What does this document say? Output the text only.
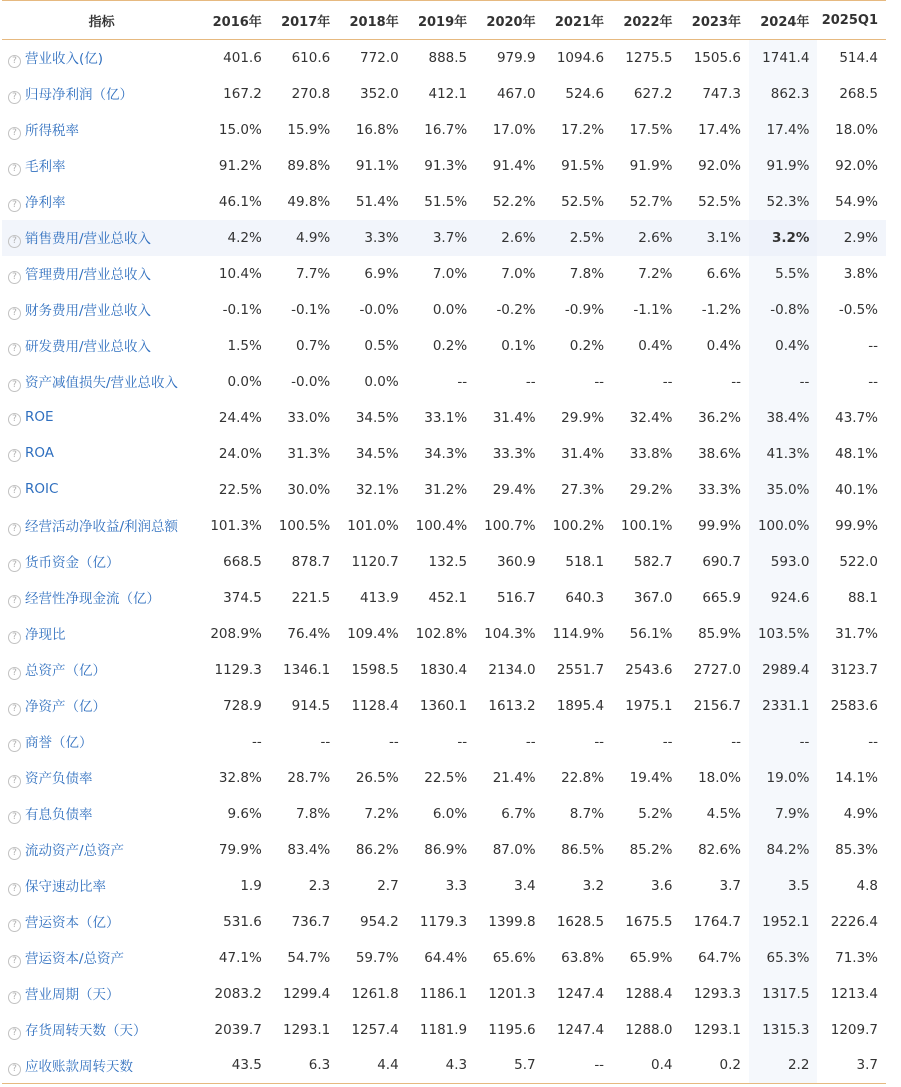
指标	2016年	2017年	2018年	2019年	2020年	2021年	2022年	2023年	2024年	2025Q1
? 营业收入(亿)	401.6	610.6	772.0	888.5	979.9	1094.6	1275.5	1505.6	1741.4	514.4
? 归母净利润（亿）	167.2	270.8	352.0	412.1	467.0	524.6	627.2	747.3	862.3	268.5
? 所得税率	15.0%	15.9%	16.8%	16.7%	17.0%	17.2%	17.5%	17.4%	17.4%	18.0%
? 毛利率	91.2%	89.8%	91.1%	91.3%	91.4%	91.5%	91.9%	92.0%	91.9%	92.0%
? 净利率	46.1%	49.8%	51.4%	51.5%	52.2%	52.5%	52.7%	52.5%	52.3%	54.9%
? 销售费用/营业总收入	4.2%	4.9%	3.3%	3.7%	2.6%	2.5%	2.6%	3.1%	3.2%	2.9%
? 管理费用/营业总收入	10.4%	7.7%	6.9%	7.0%	7.0%	7.8%	7.2%	6.6%	5.5%	3.8%
? 财务费用/营业总收入	-0.1%	-0.1%	-0.0%	0.0%	-0.2%	-0.9%	-1.1%	-1.2%	-0.8%	-0.5%
? 研发费用/营业总收入	1.5%	0.7%	0.5%	0.2%	0.1%	0.2%	0.4%	0.4%	0.4%	--
? 资产减值损失/营业总收入	0.0%	-0.0%	0.0%	--	--	--	--	--	--	--
? ROE	24.4%	33.0%	34.5%	33.1%	31.4%	29.9%	32.4%	36.2%	38.4%	43.7%
? ROA	24.0%	31.3%	34.5%	34.3%	33.3%	31.4%	33.8%	38.6%	41.3%	48.1%
? ROIC	22.5%	30.0%	32.1%	31.2%	29.4%	27.3%	29.2%	33.3%	35.0%	40.1%
? 经营活动净收益/利润总额	101.3%	100.5%	101.0%	100.4%	100.7%	100.2%	100.1%	99.9%	100.0%	99.9%
? 货币资金（亿）	668.5	878.7	1120.7	132.5	360.9	518.1	582.7	690.7	593.0	522.0
? 经营性净现金流（亿）	374.5	221.5	413.9	452.1	516.7	640.3	367.0	665.9	924.6	88.1
? 净现比	208.9%	76.4%	109.4%	102.8%	104.3%	114.9%	56.1%	85.9%	103.5%	31.7%
? 总资产（亿）	1129.3	1346.1	1598.5	1830.4	2134.0	2551.7	2543.6	2727.0	2989.4	3123.7
? 净资产（亿）	728.9	914.5	1128.4	1360.1	1613.2	1895.4	1975.1	2156.7	2331.1	2583.6
? 商誉（亿）	--	--	--	--	--	--	--	--	--	--
? 资产负债率	32.8%	28.7%	26.5%	22.5%	21.4%	22.8%	19.4%	18.0%	19.0%	14.1%
? 有息负债率	9.6%	7.8%	7.2%	6.0%	6.7%	8.7%	5.2%	4.5%	7.9%	4.9%
? 流动资产/总资产	79.9%	83.4%	86.2%	86.9%	87.0%	86.5%	85.2%	82.6%	84.2%	85.3%
? 保守速动比率	1.9	2.3	2.7	3.3	3.4	3.2	3.6	3.7	3.5	4.8
? 营运资本（亿）	531.6	736.7	954.2	1179.3	1399.8	1628.5	1675.5	1764.7	1952.1	2226.4
? 营运资本/总资产	47.1%	54.7%	59.7%	64.4%	65.6%	63.8%	65.9%	64.7%	65.3%	71.3%
? 营业周期（天）	2083.2	1299.4	1261.8	1186.1	1201.3	1247.4	1288.4	1293.3	1317.5	1213.4
? 存货周转天数（天）	2039.7	1293.1	1257.4	1181.9	1195.6	1247.4	1288.0	1293.1	1315.3	1209.7
? 应收账款周转天数	43.5	6.3	4.4	4.3	5.7	--	0.4	0.2	2.2	3.7
